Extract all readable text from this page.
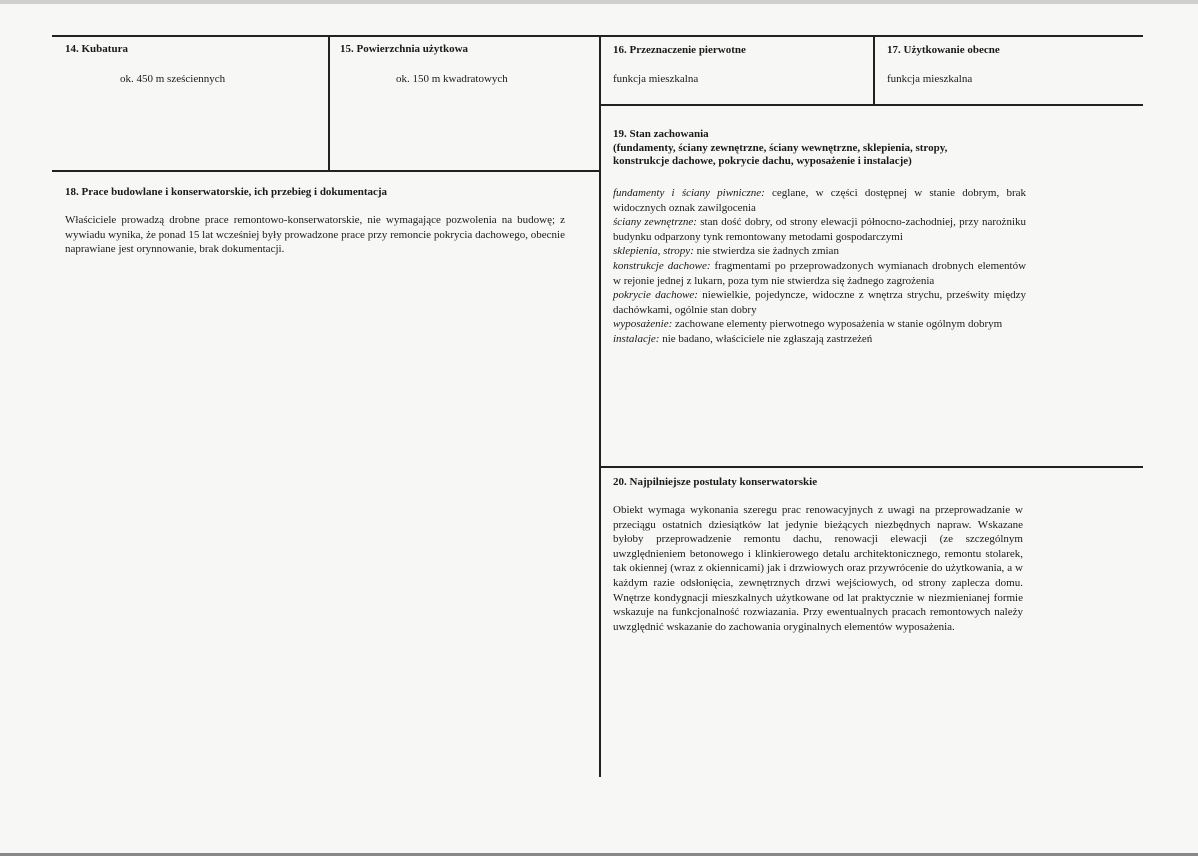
14. Kubatura
ok. 450 m sześciennych
15. Powierzchnia użytkowa
ok. 150 m kwadratowych
16. Przeznaczenie pierwotne
funkcja mieszkalna
17. Użytkowanie obecne
funkcja mieszkalna
18. Prace budowlane i konserwatorskie, ich przebieg i dokumentacja

Właściciele prowadzą drobne prace remontowo-konserwatorskie, nie wymagające pozwolenia na budowę; z wywiadu wynika, że ponad 15 lat wcześniej były prowadzone prace przy remoncie pokrycia dachowego, obecnie naprawiane jest orynnowanie, brak dokumentacji.

19. Stan zachowania
(fundamenty, ściany zewnętrzne, ściany wewnętrzne, sklepienia, stropy,
konstrukcje dachowe, pokrycie dachu, wyposażenie i instalacje)

fundamenty i ściany piwniczne: ceglane, w części dostępnej w stanie dobrym, brak widocznych oznak zawilgocenia

ściany zewnętrzne: stan dość dobry, od strony elewacji północno-zachodniej, przy narożniku budynku odparzony tynk remontowany metodami gospodarczymi

sklepienia, stropy: nie stwierdza sie żadnych zmian

konstrukcje dachowe: fragmentami po przeprowadzonych wymianach drobnych elementów w rejonie jednej z lukarn, poza tym nie stwierdza się żadnego zagrożenia

pokrycie dachowe: niewielkie, pojedyncze, widoczne z wnętrza strychu, prześwity między dachówkami, ogólnie stan dobry

wyposażenie: zachowane elementy pierwotnego wyposażenia w stanie ogólnym dobrym

instalacje: nie badano, właściciele nie zgłaszają zastrzeżeń

20. Najpilniejsze postulaty konserwatorskie

Obiekt wymaga wykonania szeregu prac renowacyjnych z uwagi na przeprowadzanie w przeciągu ostatnich dziesiątków lat jedynie bieżących niezbędnych napraw. Wskazane byłoby przeprowadzenie remontu dachu, renowacji elewacji (ze szczególnym uwzględnieniem betonowego i klinkierowego detalu architektonicznego, remontu stolarek, tak okiennej (wraz z okiennicami) jak i drzwiowych oraz przywrócenie do użytkowania, a w każdym razie odsłonięcia, zewnętrznych drzwi wejściowych, od strony zaplecza domu. Wnętrze kondygnacji mieszkalnych użytkowane od lat praktycznie w niezmienianej formie wskazuje na funkcjonalność rozwiazania. Przy ewentualnych pracach remontowych należy uwzględnić wskazanie do zachowania oryginalnych elementów wyposażenia.
